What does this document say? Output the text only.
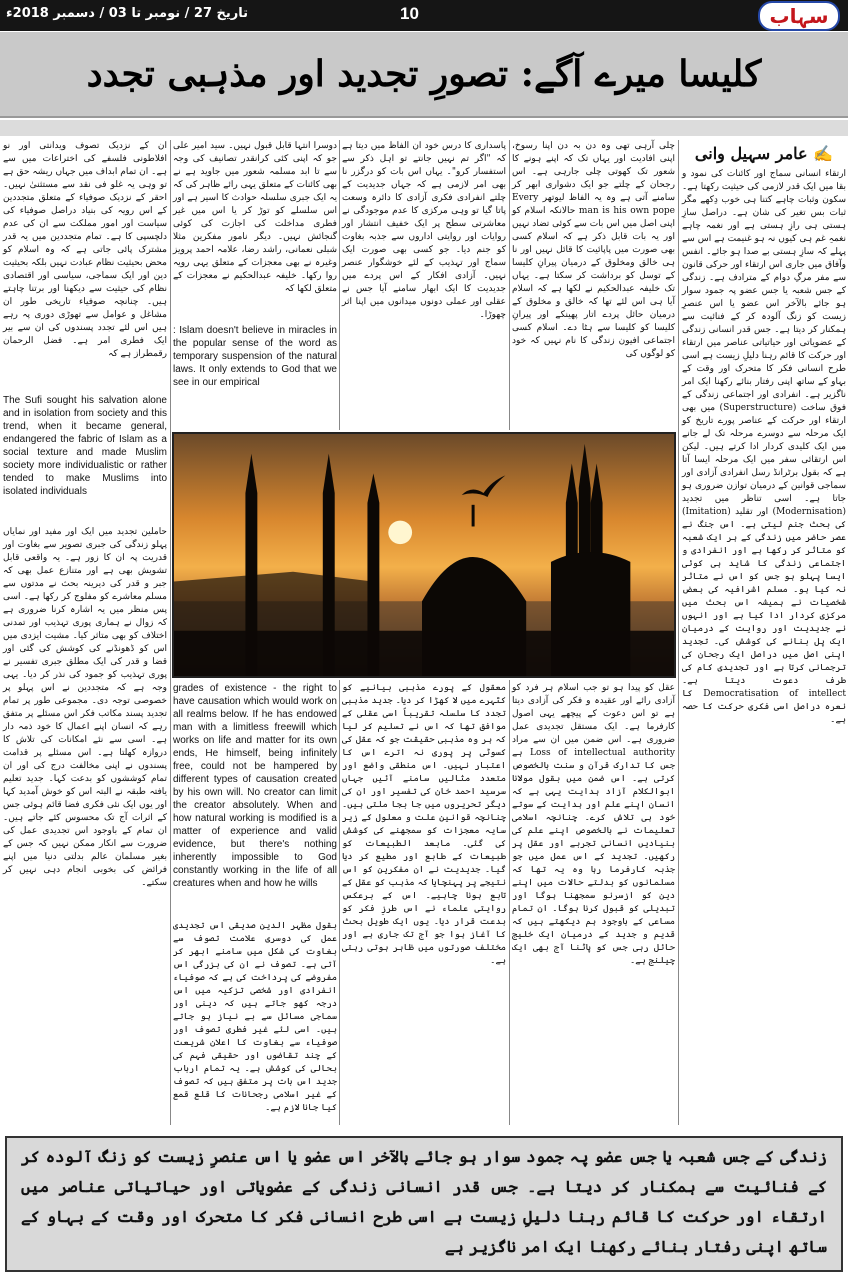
تاریخ 27 / نومبر تا 03 / دسمبر 2018ء	10	سہاب
کلیسا میرے آگے: تصورِ تجدید اور مذہبی تجدد
✍ عامر سہیل وانی

ارتقاء انسانی سماج اور کائنات کی نمود و بقا میں ایک قدر لازمی کی حیثیت رکھتا ہے۔ سکون وثبات چاہے کتنا ہی خوب دِکھے مگر ثبات بس تغیر کی شان ہے۔ دراصل سازِ ہستی ہی رازِ ہستی ہے اور نغمہ چاہے نغمہِ غم ہی کیوں نہ ہو غنیمت ہے اس سے پہلے کہ سازِ ہستی بے صدا ہو جائے۔ انفس وآفاق میں جاری اس ارتقاء اور حرکی قانون سے مفر مرگِ دوام کے مترادف ہے۔ زندگی کے جس شعبہ یا جس عضو پہ جمود سوار ہو جائے بالآخر اس عضو یا اس عنصرِ زیست کو زنگ آلودہ کر کے فنائیت سے ہمکنار کر دیتا ہے۔ جس قدر انسانی زندگی کے عضویاتی اور حیاتیاتی عناصر میں ارتقاء اور حرکت کا قائم رہنا دلیلِ زیست ہے اسی طرح انسانی فکر کا متحرک اور وقت کے بہاو کے ساتھ اپنی رفتار بنائے رکھنا ایک امر ناگزیر ہے۔ انفرادی اور اجتماعی زندگی کے فوق ساخت (Superstructure) میں بھی ارتقاء اور حرکت کے عناصر پورے تاریخ کو ایک مرحلہ سے دوسرے مرحلہ تک لے جانے میں ایک کلیدی کردار ادا کرتے ہیں۔ لیکن اس ارتقائی سفر میں ایک مرحلہ ایسا آتا ہے کہ بقول برٹرانڈ رسل انفرادی آزادی اور سماجی قوانین کے درمیان توازن ضروری ہو جاتا ہے۔ اسی تناظر میں تجدید (Modernisation) اور تقلید (Imitation) کی بحث جنم لیتی ہے۔ اس جنگ نے عصر حاضر میں زندگی کے ہر ایک شعبہ کو متاثر کر رکھا ہے اور انفرادی و اجتماعی زندگی کا شاید ہی کوئی ایسا پہلو ہو جس کو اس نے متاثر نہ کیا ہو۔ مسلم اشرافیہ کی بعض شخصیات نے ہمیشہ اس بحث میں مرکزی کردار ادا کیا ہے اور انہوں نے جدیدیت اور روایت کے درمیان ایک پل بنانے کی کوشش کی۔ تجدید اپنی اصل میں دراصل ایک رجحان کی ترجمانی کرتا ہے اور تجدیدی کام کی طرف دعوت دیتا ہے۔ Democratisation of intellect کا نعرہ دراصل اسی فکری حرکت کا حصہ ہے۔

چلی آرہی تھی وہ دن بہ دن اپنا رسوخ، اپنی افادیت اور یہاں تک کہ اپنے ہونے کا شعور تک کھوتی چلی جارہی ہے۔ اس رجحان کے چلتے جو ایک دشواری ابھر کر سامنے آتی ہے وہ یہ الفاظ لیوتھر Every man is his own pope حالانکہ اسلام کو اپنی اصل میں اس بات سے کوئی تضاد نہیں اور یہ بات قابل ذکر ہے کہ اسلام کسی بھی صورت میں پاپائیت کا قائل نہیں اور نا ہی خالق ومخلوق کے درمیان پیرانِ کلیسا کے توسل کو برداشت کر سکتا ہے۔ یہاں تک خلیفہ عبدالحکیم نے لکھا ہے کہ اسلام آیا ہی اس لئے تھا کہ خالق و مخلوق کے درمیان حائل پردے اتار پھینکے اور پیرانِ کلیسا کو کلیسا سے ہٹا دے۔ اسلام کسی اجتماعی افیون زندگی کا نام نہیں کہ خود کو لوگوں کی

پاسداری کا درس خود ان الفاظ میں دیتا ہے کہ "اگر تم نہیں جانتے تو اہل ذکر سے استفسار کرو"۔ یہاں اس بات کو درگزر نا بھی امر لازمی ہے کہ جہاں جدیدیت کے چلتے انفرادی فکری آزادی کا دائرہ وسعت پاتا گیا تو وہی مرکزی کا عدم موجودگی نے معاشرتی سطح پر ایک خفیف انتشار اور روایات اور روایتی اداروں سے جذبہ بغاوت کو جنم دیا۔ جو کسی بھی صورت ایک سماج اور تہذیب کے لئے خوشگوار عنصر نہیں۔ آزادی افکار کے اس پردے میں جدیدیت کا ایک ابھار سامنے آیا جس نے عقلی اور عملی دونوں میدانوں میں اپنا اثر چھوڑا۔

دوسرا انتہا قابل قبول نہیں۔ سید امیر علی جو کہ اپنی کئی کرانقدر تصانیف کی وجہ سے تا ابد مسلمہ شعور میں جاوید ہے نے بھی کائنات کے متعلق یہی رائے ظاہر کی کہ یہ ایک جبری سلسلہ حوادث کا اسیر ہے اور اس سلسلے کو توڑ کر یا اس میں غیر فطری مداخلت کی اجازت کی کوئی گنجائش نہیں۔ دیگر نامور مفکرین مثلا شبلی نعمانی، راشد رضا، علامہ احمد پرویز وغیرہ نے بھی معجزات کے متعلق یہی رویہ روا رکھا۔ خلیفہ عبدالحکیم نے معجزات کے متعلق لکھا کہ

: Islam doesn't believe in miracles in the popular sense of the word as temporary suspension of the natural laws. It only extends to God that we see in our empirical
grades of existence - the right to have causation which would work on all realms below. If he has endowed man with a limitless freewill which works on life and matter for its own ends, He himself, being infinitely free, could not be hampered by different types of causation created by his own will. No creator can limit the creator absolutely. When and how natural working is modified is a matter of experience and valid evidence, but there's nothing inherently impossible to God constantly working in the life of all creatures when and how he wills

بقول مظہر الدین صدیقی اس تجدیدی عمل کی دوسری علامت تصوف سے بغاوت کی شکل میں سامنے ابھر کر آتی ہے۔ تصوف نے ان کی بزرگی اس مفروضے کی پرداخت کی ہے کہ صوفیاء انفرادی اور شخصی تزکیہ میں اس درجہ کھو جاتے ہیں کہ دینی اور سماجی مسائل سے بے نیاز ہو جاتے ہیں۔ اسی لئے غیر فطری تصوف اور صوفیاء سے بغاوت کا اعلان شریعت کے چند تقاضوں اور حقیقی فہم کی بحالی کی کوشش ہے۔ یہ تمام ارباب جدید اس بات پر متفق ہیں کہ تصوف کے غیر اسلامی رجحانات کا قلع قمع کیا جانا لازم ہے۔

معقول کے پورے مذہبی بیانیے کو کٹہرے میں لا کھڑا کر دیا۔ جدید مذہبی تجدد کا سلسلہ تقریباً اسی عقلی کے موافق تھا کہ اس نے تسلیم کر لیا کہ ہر وہ مذہبی حقیقت جو کہ عقل کی کسوٹی پر پوری نہ اترے اس کا اعتبار نہیں۔ اس منطقی واضع اور متعدد مثالیں سامنے آئیں جہاں سرسید احمد خان کی تفسیر اور ان کی دیگر تحریروں میں جا بجا ملتی ہیں۔ چنانچہ قوانین علت و معلول کے زیر سایہ معجزات کو سمجھنے کی کوشش کی گئی۔ مابعد الطبیعات کو طبیعات کے طابع اور مطیع کر دیا گیا۔ جدیدیت نے ان مفکرین کو اس نتیجے پر پہنچایا کہ مذہب کو عقل کے تابع ہونا چاہیے۔ اس کے برعکس روایتی علماء نے اس طرزِ فکر کو بدعت قرار دیا۔ یوں ایک طویل بحث کا آغاز ہوا جو آج تک جاری ہے اور مختلف صورتوں میں ظاہر ہوتی رہتی ہے۔

عقل کو پیدا ہو تو جب اسلام ہر فرد کو آزادی رائے اور عقیدہ و فکر کی آزادی دیتا ہے تو اس دعوت کے پیچھے یہی اصول کارفرما ہے۔ ایک مستقل تجدیدی عمل ضروری ہے۔ اس ضمن میں ان سے مراد Loss of intellectual authority ہے جس کا تدارک قرآن و سنت بالخصوص کرتی ہے۔ اس ضمن میں بقول مولانا ابوالکلام آزاد ہدایت یہی ہے کہ انسان اپنے علم اور ہدایت کے سوتے خود ہی تلاش کرے۔ چنانچہ اسلامی تعلیمات نے بالخصوص اپنے علم کی بنیادیں انسانی تجربے اور عقل پر رکھیں۔ تجدید کے اس عمل میں جو جذبہ کارفرما رہا وہ یہ تھا کہ مسلمانوں کو بدلتے حالات میں اپنے دین کو ازسرنو سمجھنا ہوگا اور تبدیلی کو قبول کرنا ہوگا۔ ان تمام مساعی کے باوجود ہم دیکھتے ہیں کہ قدیم و جدید کے درمیان ایک خلیج حائل رہی جس کو پاٹنا آج بھی ایک چیلنج ہے۔

ان کے نزدیک تصوف ویدانتی اور نو افلاطونی فلسفے کی اختراعات میں سے ہے۔ ان تمام ابداف میں جہاں ریشہ حق ہے تو وہی یہ غلو فی نقد سے مستثنیٰ نہیں۔ احقر کے نزدیک صوفیاء کے متعلق متجددین کے اس رویہ کی بنیاد دراصل صوفیاء کی سیاست اور امور مملکت سے ان کی عدم دلچسپی کا ہے۔ تمام متجددین میں یہ قدر مشترک پائی جاتی ہے کہ وہ اسلام کو محض بحیثیت نظام عبادت نہیں بلکہ بحیثیت دین اور ایک سماجی، سیاسی اور اقتصادی نظام کی حیثیت سے دیکھنا اور برتنا چاہتے ہیں۔ چنانچہ صوفیاء تاریخی طور ان مشاغل و عوامل سے تھوڑی دوری پہ رہے ہیں اس لئے تجدد پسندوں کی ان سے بیر ایک فطری امر ہے۔ فضل الرحمان رقمطراز ہے کہ

The Sufi sought his salvation alone and in isolation from society and this trend, when it became general, endangered the fabric of Islam as a social texture and made Muslim society more individualistic or rather tended to make Muslims into isolated individuals

حاملین تجدید میں ایک اور مفید اور نمایاں پہلو زندگی کی جبری تصویر سے بغاوت اور قدریت پہ ان کا زور ہے۔ یہ واقعی قابل تشویش بھی ہے اور متنازع عمل بھی کہ جبر و قدر کی دیرینہ بحث نے مدتوں سے مسلم معاشرے کو مفلوج کر رکھا ہے۔ اسی پس منظر میں یہ اشارہ کرنا ضروری ہے کہ زوال نے ہماری پوری تہذیب اور تمدنی اختلاف کو بھی متاثر کیا۔ مشیت ایزدی میں اس کو ڈھونڈنے کی کوشش کی گئی اور قضا و قدر کی ایک مطلق جبری تفسیر نے پوری تہذیب کو جمود کی نذر کر دیا۔ یہی وجہ ہے کہ متجددین نے اس پہلو پر خصوصی توجہ دی۔ مجموعی طور پر تمام تجدید پسند مکاتب فکر اس مسئلے پر متفق رہے کہ انسان اپنے اعمال کا خود ذمہ دار ہے۔ اسی سے نئے امکانات کی تلاش کا دروازہ کھلتا ہے۔ اس مسئلے پر قدامت پسندوں نے اپنی مخالفت درج کی اور ان تمام کوششوں کو بدعت کہا۔ جدید تعلیم یافتہ طبقہ نے البتہ اس کو خوش آمدید کہا اور یوں ایک نئی فکری فضا قائم ہوئی جس کے اثرات آج تک محسوس کئے جاتے ہیں۔ ان تمام کے باوجود اس تجدیدی عمل کی ضرورت سے انکار ممکن نہیں کہ جس کے بغیر مسلمان عالم بدلتی دنیا میں اپنے فرائض کی بخوبی انجام دہی نہیں کر سکتے۔

زندگی کے جس شعبہ یا جس عضو پہ جمود سوار ہو جائے بالآخر اس عضو یا اس عنصرِ زیست کو زنگ آلودہ کر کے فنائیت سے ہمکنار کر دیتا ہے۔ جس قدر انسانی زندگی کے عضویاتی اور حیاتیاتی عناصر میں ارتقاء اور حرکت کا قائم رہنا دلیلِ زیست ہے اسی طرح انسانی فکر کا متحرک اور وقت کے بہاو کے ساتھ اپنی رفتار بنائے رکھنا ایک امر ناگزیر ہے
